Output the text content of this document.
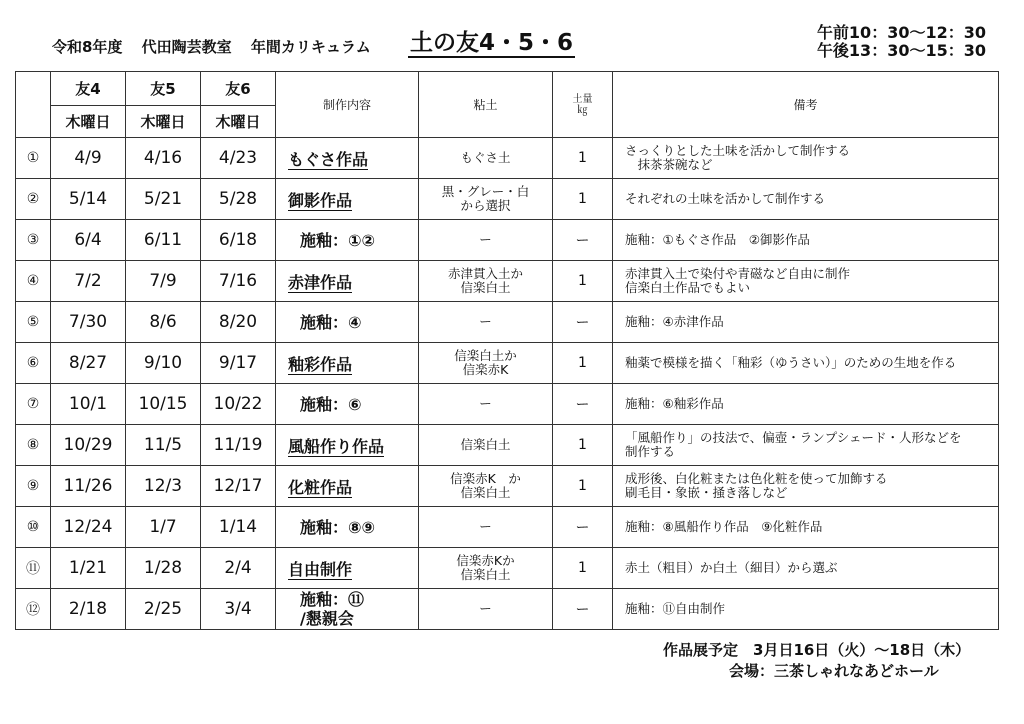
令和8年度 代田陶芸教室 年間カリキュラム 土の友4・5・6	午前10：30～12：30
午後13：30～15：30
	友4	友5	友6	制作内容	粘土	土量
㎏	備考
	木曜日	木曜日	木曜日				
①	4/9	4/16	4/23	もぐさ作品	もぐさ土	1	さっくりとした土味を活かして制作する
　抹茶茶碗など
②	5/14	5/21	5/28	御影作品	黒・グレー・白
から選択	1	それぞれの土味を活かして制作する
③	6/4	6/11	6/18	施釉：①②	ー	ー	施釉：①もぐさ作品　②御影作品
④	7/2	7/9	7/16	赤津作品	赤津貫入土か
信楽白土	1	赤津貫入土で染付や青磁など自由に制作
信楽白土作品でもよい
⑤	7/30	8/6	8/20	施釉：④	ー	ー	施釉：④赤津作品
⑥	8/27	9/10	9/17	釉彩作品	信楽白土か
信楽赤K	1	釉薬で模様を描く「釉彩（ゆうさい）」のための生地を作る
⑦	10/1	10/15	10/22	施釉：⑥	ー	ー	施釉：⑥釉彩作品
⑧	10/29	11/5	11/19	風船作り作品	信楽白土	1	「風船作り」の技法で、偏壺・ランプシェード・人形などを
制作する
⑨	11/26	12/3	12/17	化粧作品	信楽赤K　か
信楽白土	1	成形後、白化粧または色化粧を使って加飾する
刷毛目・象嵌・掻き落しなど
⑩	12/24	1/7	1/14	施釉：⑧⑨	ー	ー	施釉：⑧風船作り作品　⑨化粧作品
⑪	1/21	1/28	2/4	自由制作	信楽赤Kか
信楽白土	1	赤土（粗目）か白土（細目）から選ぶ
⑫	2/18	2/25	3/4	施釉：⑪
/懇親会	ー	ー	施釉：⑪自由制作
作品展予定　3月日16日（火）～18日（木）
会場：三茶しゃれなあどホール
